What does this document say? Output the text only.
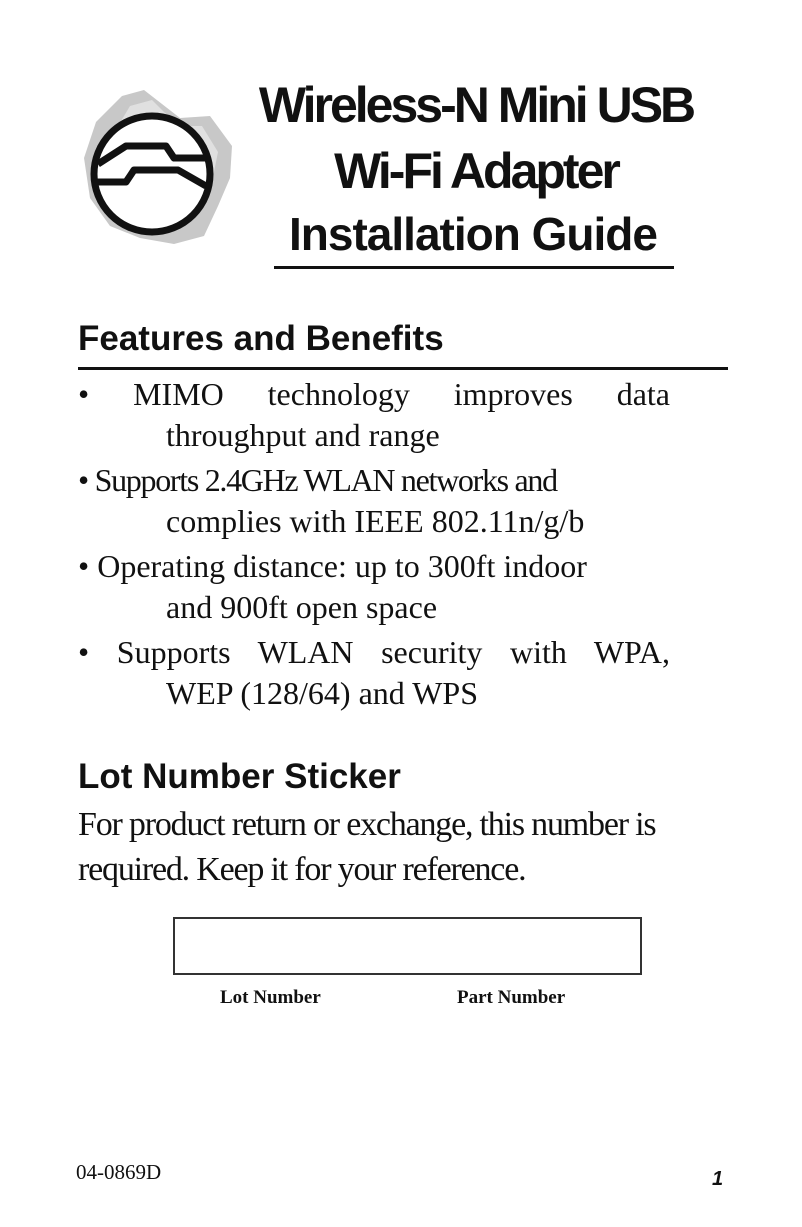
Wireless-N Mini USB
Wi-Fi Adapter
Installation Guide
Features and Benefits
• MIMO technology improves data
throughput and range
• Supports 2.4GHz WLAN networks and
complies with IEEE 802.11n/g/b
• Operating distance: up to 300ft indoor
and 900ft open space
• Supports WLAN security with WPA,
WEP (128/64) and WPS
Lot Number Sticker
For product return or exchange, this number is
required. Keep it for your reference.
Lot Number	Part Number
04-0869D	1
